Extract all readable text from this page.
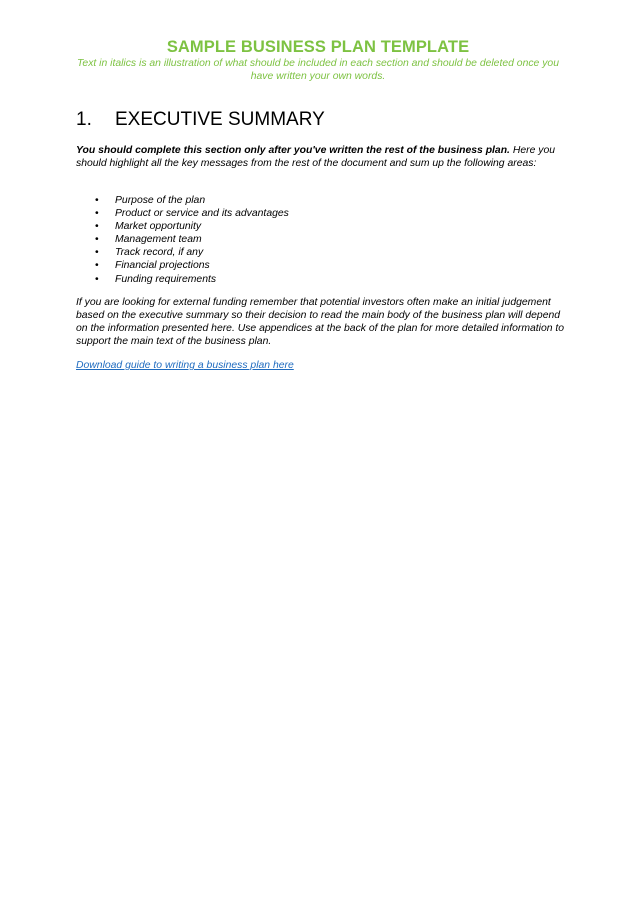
SAMPLE BUSINESS PLAN TEMPLATE
Text in italics is an illustration of what should be included in each section and should be deleted once you have written your own words.
1. EXECUTIVE SUMMARY
You should complete this section only after you've written the rest of the business plan. Here you should highlight all the key messages from the rest of the document and sum up the following areas:
• Purpose of the plan
• Product or service and its advantages
• Market opportunity
• Management team
• Track record, if any
• Financial projections
• Funding requirements
If you are looking for external funding remember that potential investors often make an initial judgement based on the executive summary so their decision to read the main body of the business plan will depend on the information presented here. Use appendices at the back of the plan for more detailed information to support the main text of the business plan.
Download guide to writing a business plan here
